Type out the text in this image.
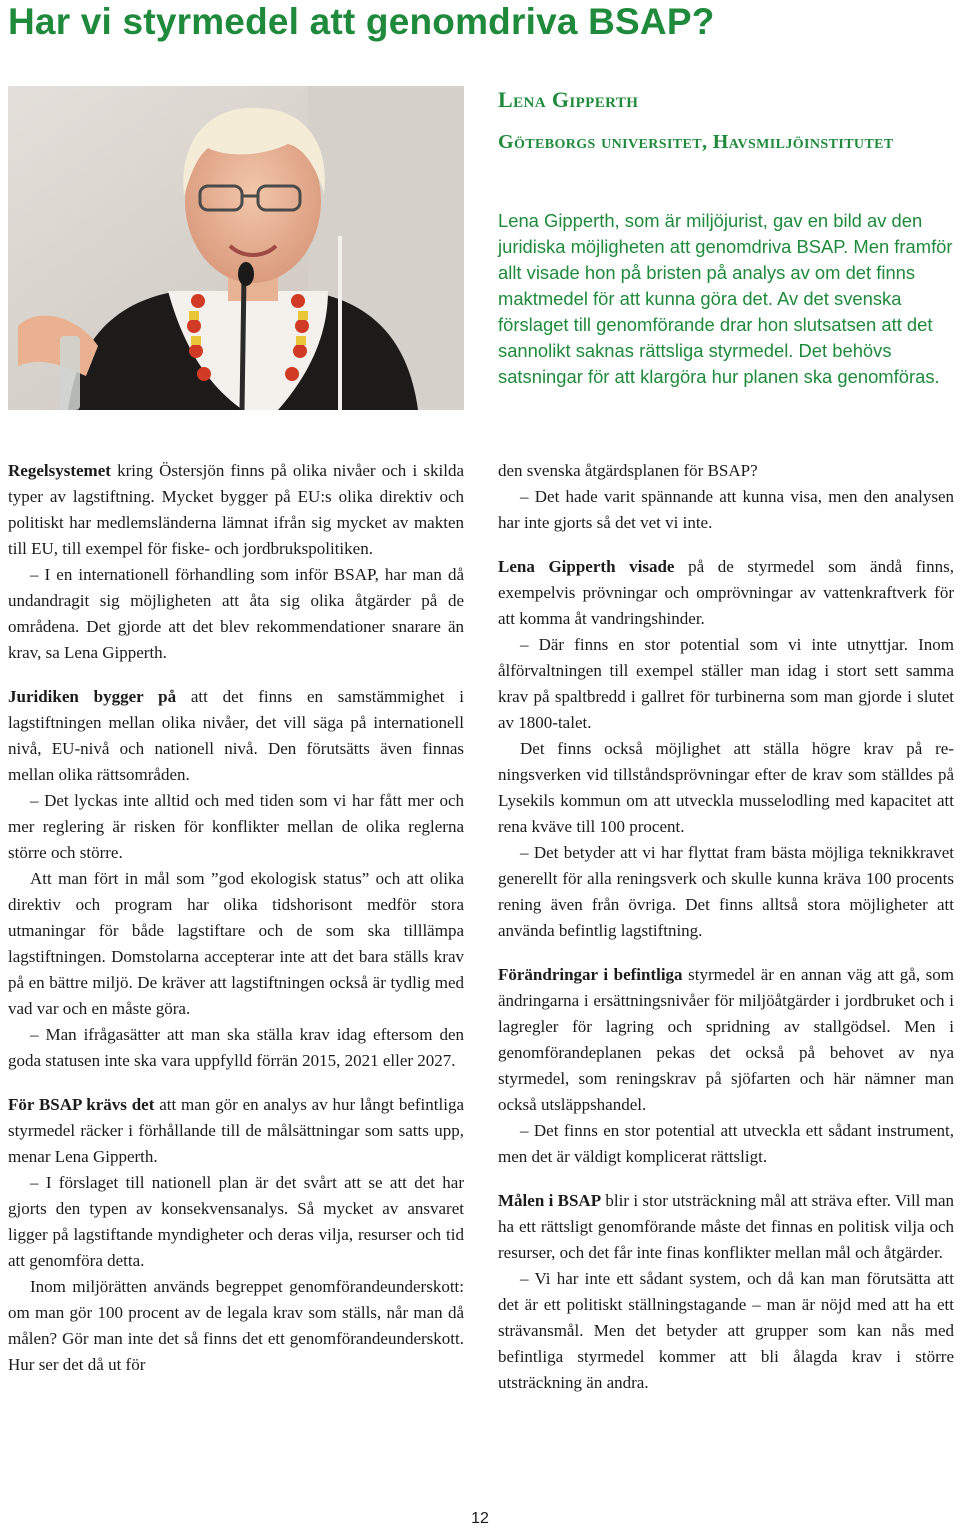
Har vi styrmedel att genomdriva BSAP?
Lena Gipperth
Göteborgs universitet, Havsmiljöinstitutet

Lena Gipperth, som är miljöjurist, gav en bild av den juridiska möjligheten att genomdriva BSAP. Men framför allt visade hon på bristen på analys av om det finns maktmedel för att kunna göra det. Av det svenska förslaget till genomförande drar hon slutsatsen att det sannolikt saknas rättsliga styrmedel. Det behövs satsningar för att klargöra hur planen ska genomföras.

Regelsystemet kring Östersjön finns på olika nivåer och i skilda typer av lagstiftning. Mycket bygger på EU:s olika direktiv och politiskt har medlemsländerna lämnat ifrån sig mycket av makten till EU, till exempel för fiske- och jordbrukspolitiken.

– I en internationell förhandling som inför BSAP, har man då undandragit sig möjligheten att åta sig olika åtgärder på de områdena. Det gjorde att det blev rekommendationer snarare än krav, sa Lena Gipperth.

Juridiken bygger på att det finns en samstämmighet i lagstiftningen mellan olika nivåer, det vill säga på internationell nivå, EU-nivå och nationell nivå. Den förutsätts även finnas mellan olika rättsområden.

– Det lyckas inte alltid och med tiden som vi har fått mer och mer reglering är risken för konflikter mellan de olika reglerna större och större.

Att man fört in mål som ”god ekologisk status” och att olika direktiv och program har olika tidshorisont medför stora utmaningar för både lagstiftare och de som ska tilllämpa lagstiftningen. Domstolarna accepterar inte att det bara ställs krav på en bättre miljö. De kräver att lagstiftningen också är tydlig med vad var och en måste göra.

– Man ifrågasätter att man ska ställa krav idag eftersom den goda statusen inte ska vara uppfylld förrän 2015, 2021 eller 2027.

För BSAP krävs det att man gör en analys av hur långt befintliga styrmedel räcker i förhållande till de målsättningar som satts upp, menar Lena Gipperth.

– I förslaget till nationell plan är det svårt att se att det har gjorts den typen av konsekvensanalys. Så mycket av ansvaret ligger på lagstiftande myndigheter och deras vilja, resurser och tid att genomföra detta.

Inom miljörätten används begreppet genomförandeunderskott: om man gör 100 procent av de legala krav som ställs, når man då målen? Gör man inte det så finns det ett genomförandeunderskott. Hur ser det då ut för

den svenska åtgärdsplanen för BSAP?

– Det hade varit spännande att kunna visa, men den analysen har inte gjorts så det vet vi inte.

Lena Gipperth visade på de styrmedel som ändå finns, exempelvis prövningar och omprövningar av vattenkraftverk för att komma åt vandringshinder.

– Där finns en stor potential som vi inte utnyttjar. Inom ålförvaltningen till exempel ställer man idag i stort sett samma krav på spaltbredd i gallret för turbinerna som man gjorde i slutet av 1800-talet.

Det finns också möjlighet att ställa högre krav på reningsverken vid tillståndsprövningar efter de krav som ställdes på Lysekils kommun om att utveckla musselodling med kapacitet att rena kväve till 100 procent.

– Det betyder att vi har flyttat fram bästa möjliga teknikkravet generellt för alla reningsverk och skulle kunna kräva 100 procents rening även från övriga. Det finns alltså stora möjligheter att använda befintlig lagstiftning.

Förändringar i befintliga styrmedel är en annan väg att gå, som ändringarna i ersättningsnivåer för miljöåtgärder i jordbruket och i lagregler för lagring och spridning av stallgödsel. Men i genomförandeplanen pekas det också på behovet av nya styrmedel, som reningskrav på sjöfarten och här nämner man också utsläppshandel.

– Det finns en stor potential att utveckla ett sådant instrument, men det är väldigt komplicerat rättsligt.

Målen i BSAP blir i stor utsträckning mål att sträva efter. Vill man ha ett rättsligt genomförande måste det finnas en politisk vilja och resurser, och det får inte finas konflikter mellan mål och åtgärder.

– Vi har inte ett sådant system, och då kan man förutsätta att det är ett politiskt ställningstagande – man är nöjd med att ha ett strävansmål. Men det betyder att grupper som kan nås med befintliga styrmedel kommer att bli ålagda krav i större utsträckning än andra.

12
